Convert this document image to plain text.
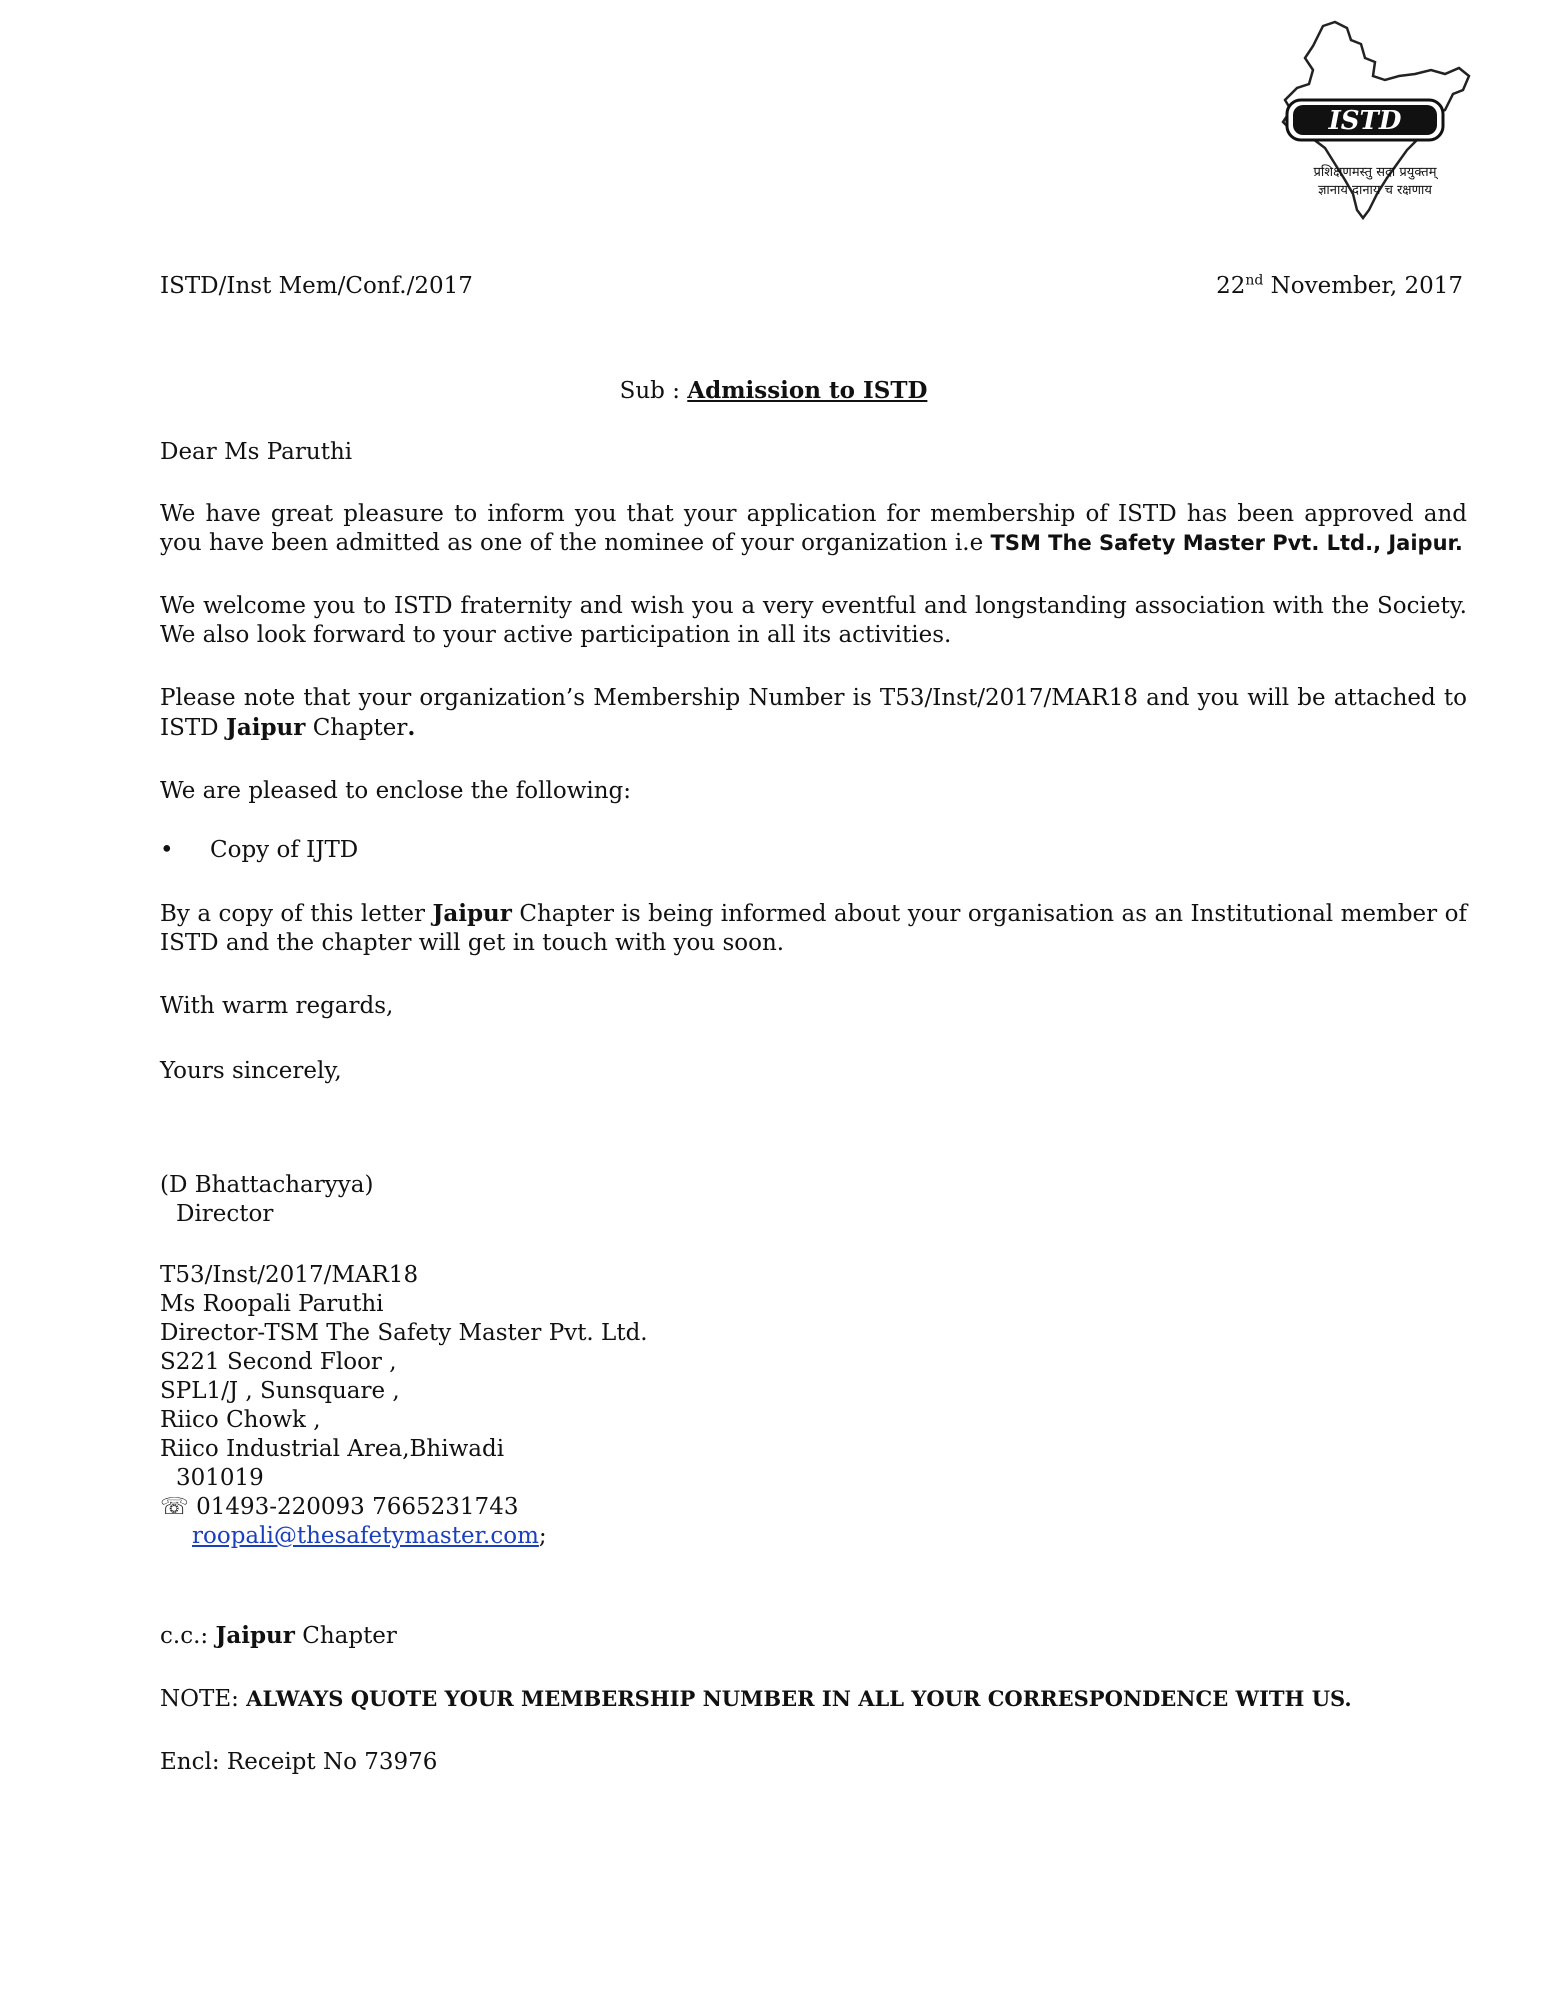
ISTD
प्रशिक्षणमस्तु सदा प्रयुक्तम्
ज्ञानाय दानाय च रक्षणाय
ISTD/Inst Mem/Conf./2017	22nd November, 2017
Sub : Admission to ISTD

Dear Ms Paruthi

We have great pleasure to inform you that your application for membership of ISTD has been approved and you have been admitted as one of the nominee of your organization i.e TSM The Safety Master Pvt. Ltd., Jaipur.

We welcome you to ISTD fraternity and wish you a very eventful and longstanding association with the Society. We also look forward to your active participation in all its activities.

Please note that your organization’s Membership Number is T53/Inst/2017/MAR18 and you will be attached to ISTD Jaipur Chapter.

We are pleased to enclose the following:

• Copy of IJTD

By a copy of this letter Jaipur Chapter is being informed about your organisation as an Institutional member of ISTD and the chapter will get in touch with you soon.

With warm regards,

Yours sincerely,

(D Bhattacharyya)
Director
T53/Inst/2017/MAR18
Ms Roopali Paruthi
Director-TSM The Safety Master Pvt. Ltd.
S221 Second Floor ,
SPL1/J , Sunsquare ,
Riico Chowk ,
Riico Industrial Area,Bhiwadi
301019
☏ 01493-220093 7665231743
roopali@thesafetymaster.com;

c.c.: Jaipur Chapter

NOTE: ALWAYS QUOTE YOUR MEMBERSHIP NUMBER IN ALL YOUR CORRESPONDENCE WITH US.

Encl: Receipt No 73976
